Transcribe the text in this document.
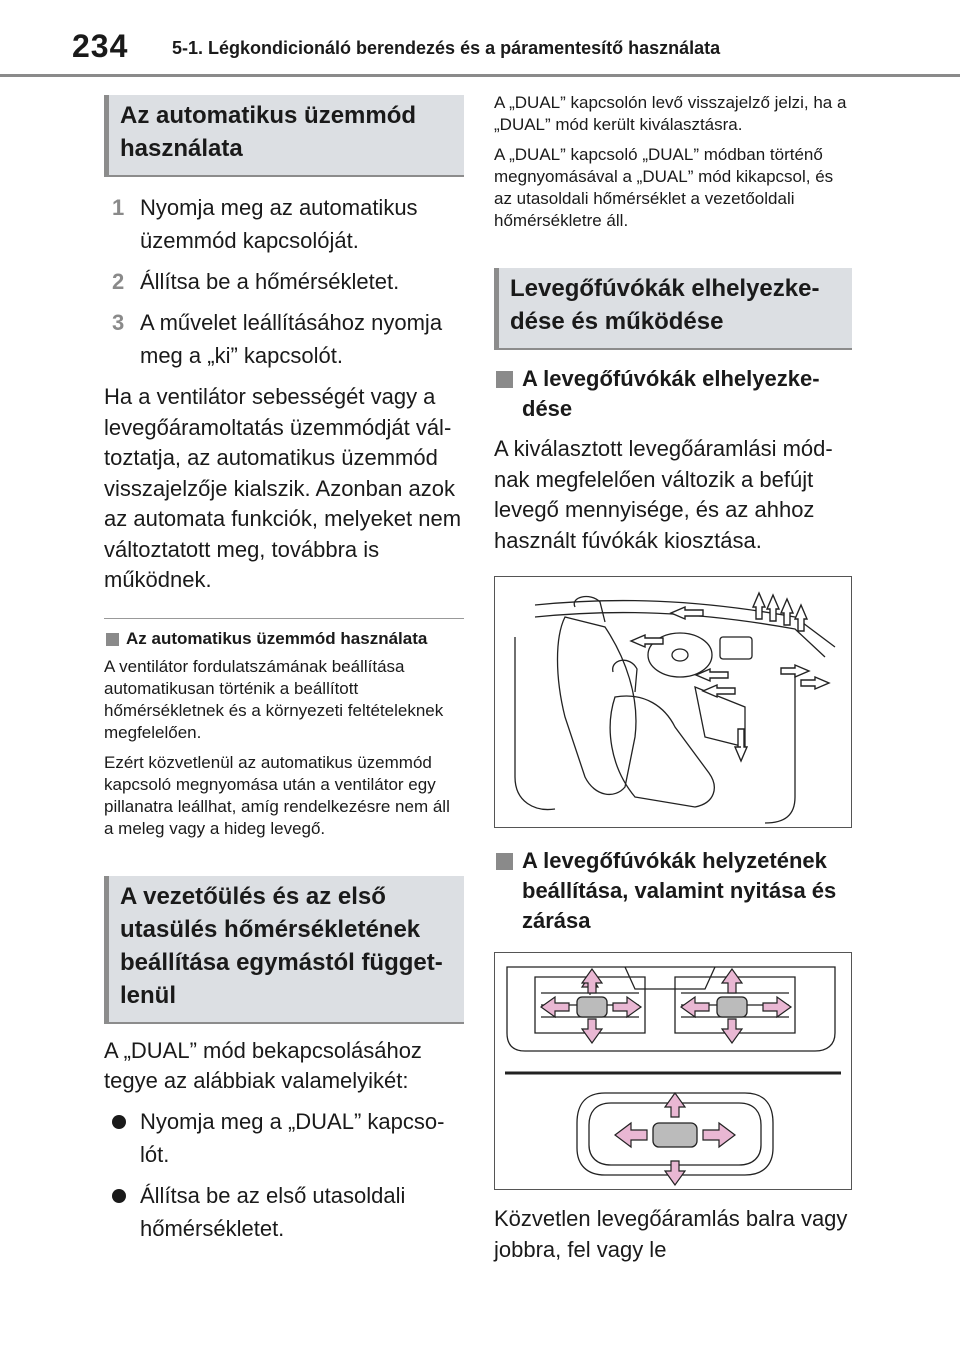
234 5-1. Légkondicionáló berendezés és a páramentesítő használata
Az automatikus üzemmód használata
1 Nyomja meg az automatikus üzemmód kapcsolóját.
2 Állítsa be a hőmérsékletet.
3 A művelet leállításához nyomja meg a „ki” kapcsolót.
Ha a ventilátor sebességét vagy a levegőáramoltatás üzemmódját változtatja, az automatikus üzemmód visszajelzője kialszik. Azonban azok az automata funkciók, melyeket nem változtatott meg, továbbra is működnek.
Az automatikus üzemmód használata
A ventilátor fordulatszámának beállítása automatikusan történik a beállított hőmérsékletnek és a környezeti feltételeknek megfelelően.
Ezért közvetlenül az automatikus üzemmód kapcsoló megnyomása után a ventilátor egy pillanatra leállhat, amíg rendelkezésre nem áll a meleg vagy a hideg levegő.
A vezetőülés és az első utasülés hőmérsékletének beállítása egymástól függetlenül
A „DUAL” mód bekapcsolásához tegye az alábbiak valamelyikét:
Nyomja meg a „DUAL” kapcsolót.
Állítsa be az első utasoldali hőmérsékletet.
A „DUAL” kapcsolón levő visszajelző jelzi, ha a „DUAL” mód került kiválasztásra.
A „DUAL” kapcsoló „DUAL” módban történő megnyomásával a „DUAL” mód kikapcsol, és az utasoldali hőmérséklet a vezetőoldali hőmérsékletre áll.
Levegőfúvókák elhelyezkedése és működése
A levegőfúvókák elhelyezkedése
A kiválasztott levegőáramlási módnak megfelelően változik a befújt levegő mennyisége, és az ahhoz használt fúvókák kiosztása.
A levegőfúvókák helyzetének beállítása, valamint nyitása és zárása
Közvetlen levegőáramlás balra vagy jobbra, fel vagy le
